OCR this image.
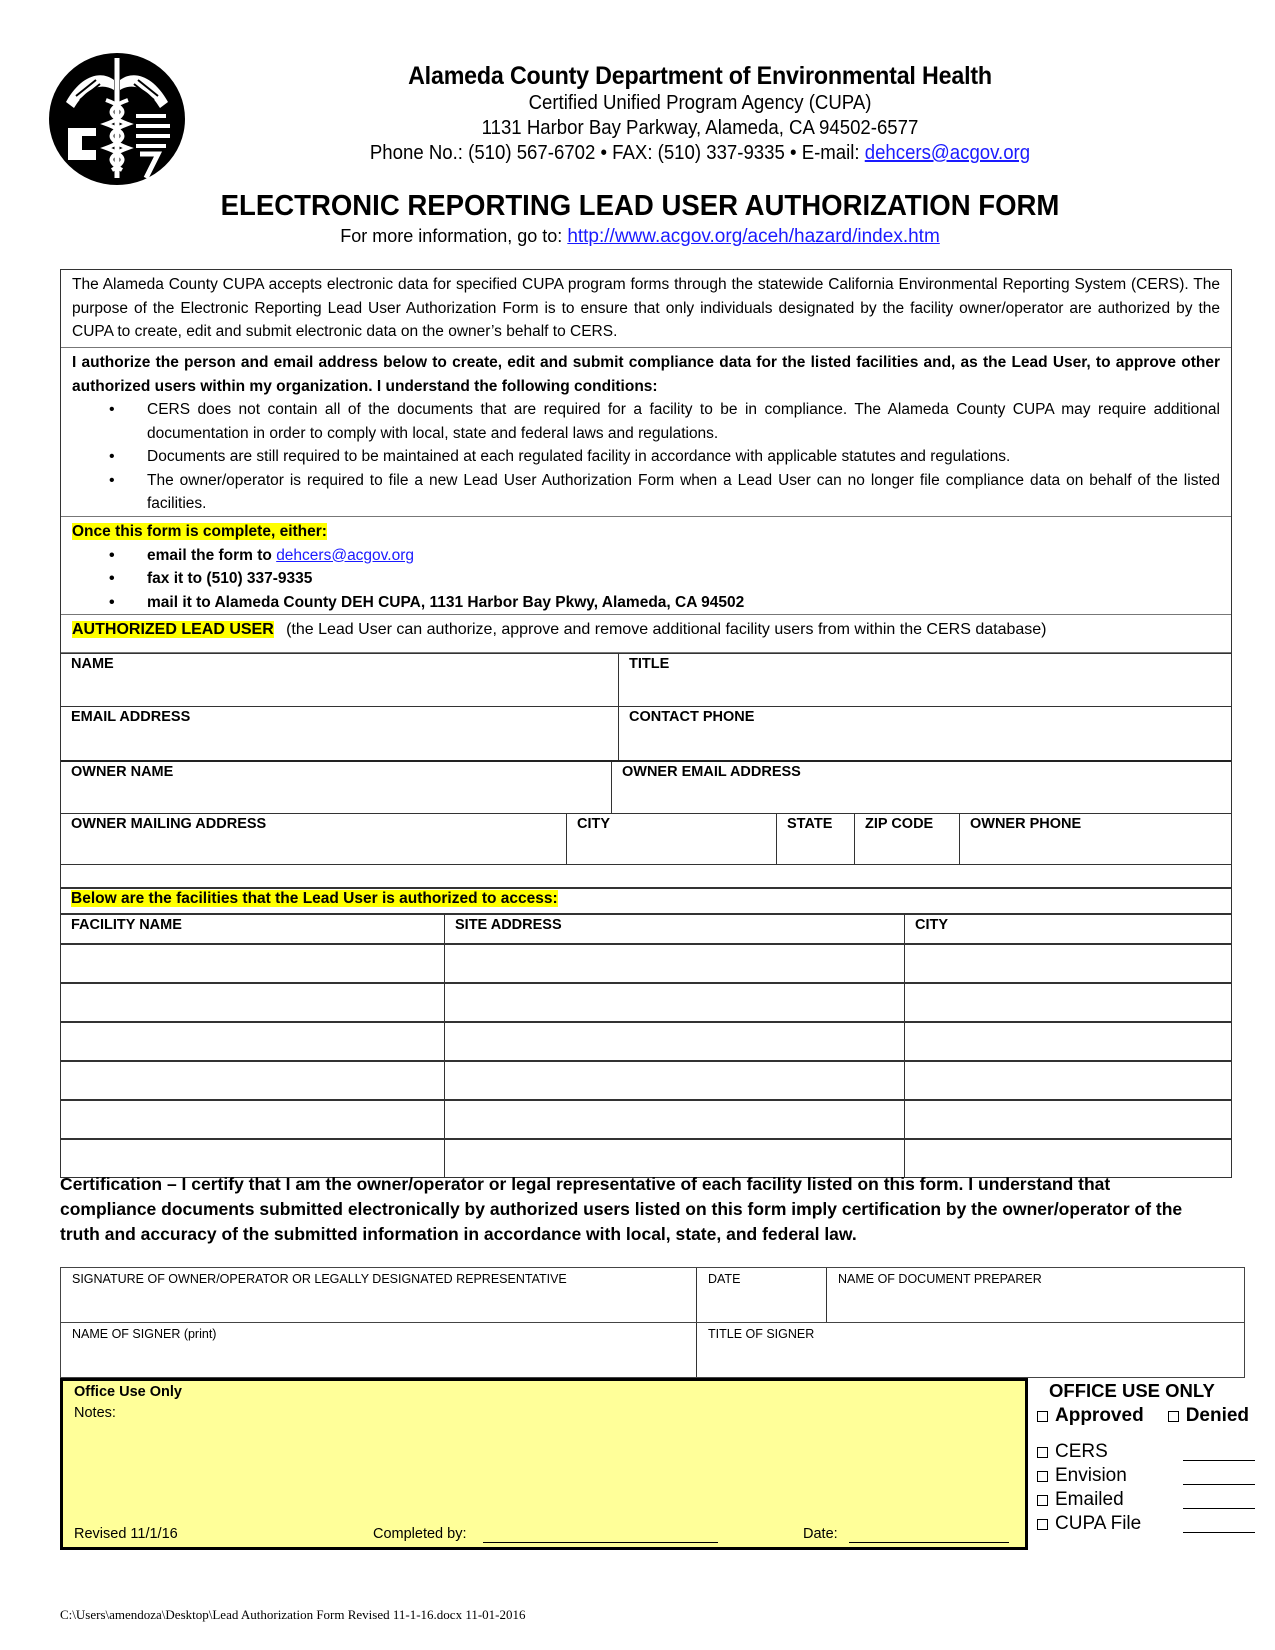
Alameda County Department of Environmental Health
Certified Unified Program Agency (CUPA)
1131 Harbor Bay Parkway, Alameda, CA 94502-6577
Phone No.: (510) 567-6702 • FAX: (510) 337-9335 • E-mail: dehcers@acgov.org
ELECTRONIC REPORTING LEAD USER AUTHORIZATION FORM
For more information, go to: http://www.acgov.org/aceh/hazard/index.htm
The Alameda County CUPA accepts electronic data for specified CUPA program forms through the statewide California Environmental Reporting System (CERS). The purpose of the Electronic Reporting Lead User Authorization Form is to ensure that only individuals designated by the facility owner/operator are authorized by the CUPA to create, edit and submit electronic data on the owner’s behalf to CERS.
I authorize the person and email address below to create, edit and submit compliance data for the listed facilities and, as the Lead User, to approve other authorized users within my organization. I understand the following conditions:
• CERS does not contain all of the documents that are required for a facility to be in compliance. The Alameda County CUPA may require additional documentation in order to comply with local, state and federal laws and regulations.
• Documents are still required to be maintained at each regulated facility in accordance with applicable statutes and regulations.
• The owner/operator is required to file a new Lead User Authorization Form when a Lead User can no longer file compliance data on behalf of the listed facilities.
Once this form is complete, either:
• email the form to dehcers@acgov.org
• fax it to (510) 337-9335
• mail it to Alameda County DEH CUPA, 1131 Harbor Bay Pkwy, Alameda, CA 94502
AUTHORIZED LEAD USER (the Lead User can authorize, approve and remove additional facility users from within the CERS database)
NAME	TITLE
EMAIL ADDRESS	CONTACT PHONE
OWNER NAME	OWNER EMAIL ADDRESS
OWNER MAILING ADDRESS	CITY	STATE	ZIP CODE	OWNER PHONE
Below are the facilities that the Lead User is authorized to access:
FACILITY NAME	SITE ADDRESS	CITY
Certification – I certify that I am the owner/operator or legal representative of each facility listed on this form. I understand that compliance documents submitted electronically by authorized users listed on this form imply certification by the owner/operator of the truth and accuracy of the submitted information in accordance with local, state, and federal law.
SIGNATURE OF OWNER/OPERATOR OR LEGALLY DESIGNATED REPRESENTATIVE	DATE	NAME OF DOCUMENT PREPARER
NAME OF SIGNER (print)	TITLE OF SIGNER
Office Use Only
Notes:
Revised 11/1/16	Completed by:	Date:
OFFICE USE ONLY
Approved Denied
CERS
Envision
Emailed
CUPA File
C:\Users\amendoza\Desktop\Lead Authorization Form Revised 11-1-16.docx 11-01-2016
